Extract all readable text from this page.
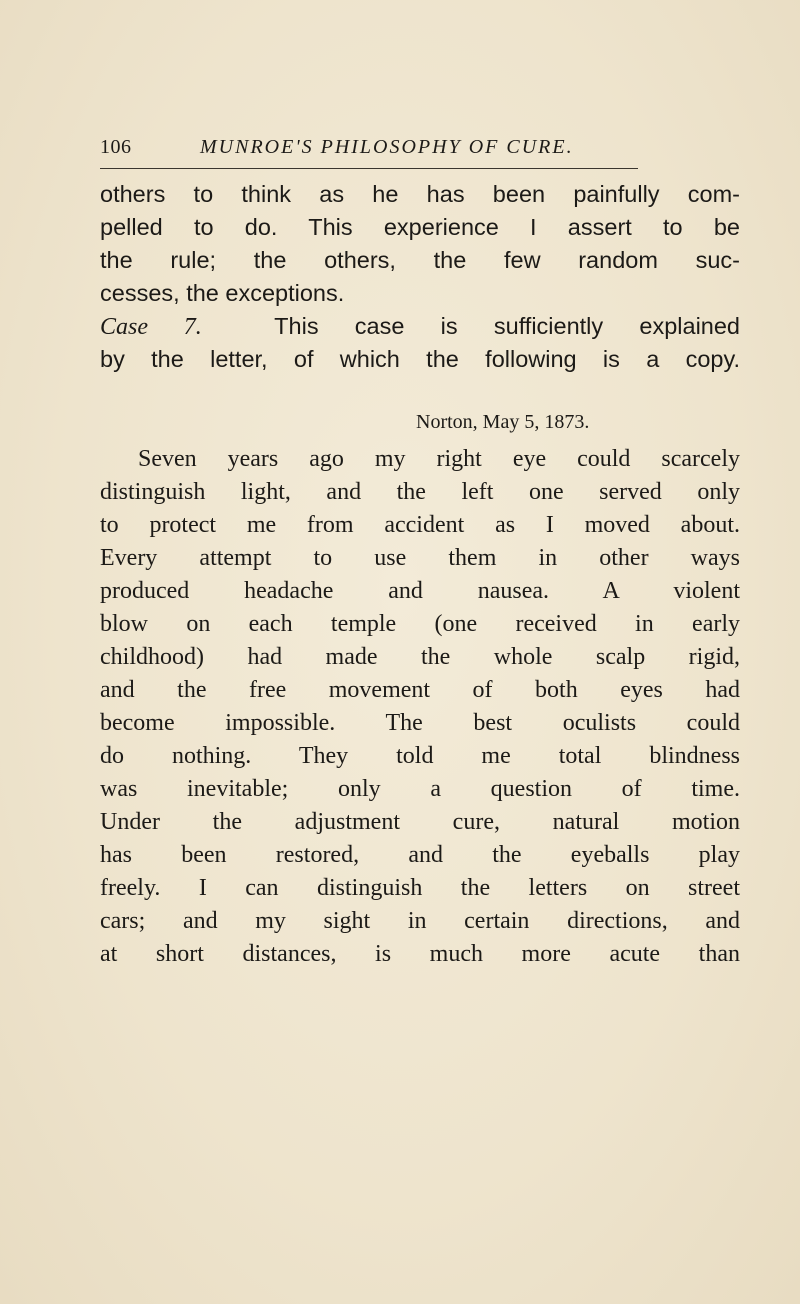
106	MUNROE'S PHILOSOPHY OF CURE.
others to think as he has been painfully com-
pelled to do. This experience I assert to be
the rule; the others, the few random suc-
cesses, the exceptions.
Case 7.	This case is sufficiently explained
by the letter, of which the following is a copy.
Norton, May 5, 1873.
Seven years ago my right eye could scarcely
distinguish light, and the left one served only
to protect me from accident as I moved about.
Every attempt to use them in other ways
produced headache and nausea. A violent
blow on each temple (one received in early
childhood) had made the whole scalp rigid,
and the free movement of both eyes had
become impossible. The best oculists could
do nothing. They told me total blindness
was inevitable; only a question of time.
Under the adjustment cure, natural motion
has been restored, and the eyeballs play
freely. I can distinguish the letters on street
cars; and my sight in certain directions, and
at short distances, is much more acute than
